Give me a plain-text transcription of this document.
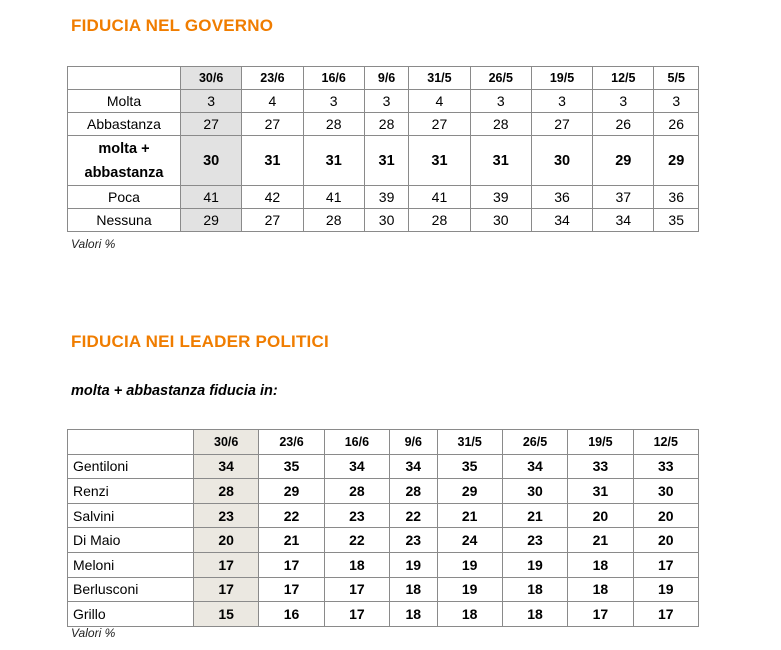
FIDUCIA NEL GOVERNO
	30/6	23/6	16/6	9/6	31/5	26/5	19/5	12/5	5/5
Molta	3	4	3	3	4	3	3	3	3
Abbastanza	27	27	28	28	27	28	27	26	26

molta + abbastanza	30	31	31	31	31	31	30	29	29
Poca	41	42	41	39	41	39	36	37	36
Nessuna	29	27	28	30	28	30	34	34	35
Valori %
FIDUCIA NEI LEADER POLITICI
molta + abbastanza fiducia in:
	30/6	23/6	16/6	9/6	31/5	26/5	19/5	12/5
Gentiloni	34	35	34	34	35	34	33	33
Renzi	28	29	28	28	29	30	31	30
Salvini	23	22	23	22	21	21	20	20
Di Maio	20	21	22	23	24	23	21	20
Meloni	17	17	18	19	19	19	18	17
Berlusconi	17	17	17	18	19	18	18	19
Grillo	15	16	17	18	18	18	17	17
Valori %
